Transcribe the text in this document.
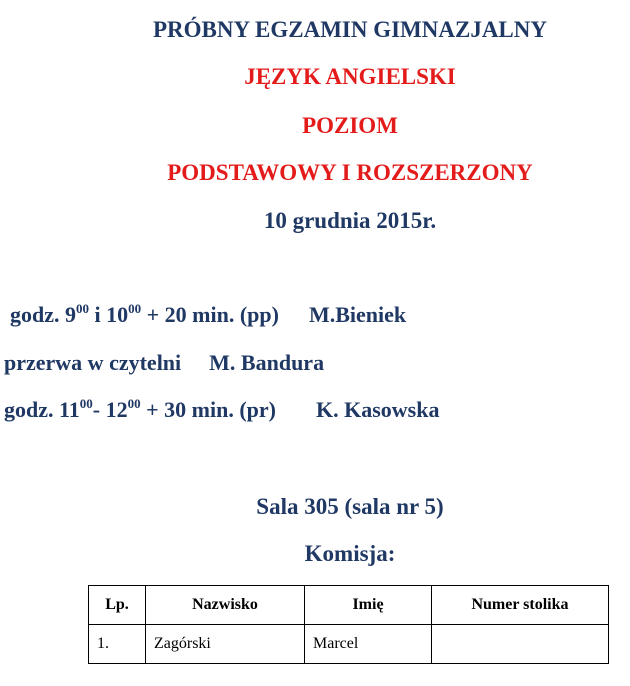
PRÓBNY EGZAMIN GIMNAZJALNY
JĘZYK ANGIELSKI
POZIOM
PODSTAWOWY I ROZSZERZONY
10 grudnia 2015r.
godz. $9^{00}$ i $10^{00} + 20$ min. (pp) M.Bieniek
przerwa w czytelni M. Bandura
godz. $11^{00}-$ $12^{00} + 30$ min. (pr) K. Kasowska
Sala 305 (sala nr 5)
Komisja:
Lp.	Nazwisko	Imię	Numer stolika
1.	Zagórski	Marcel	
